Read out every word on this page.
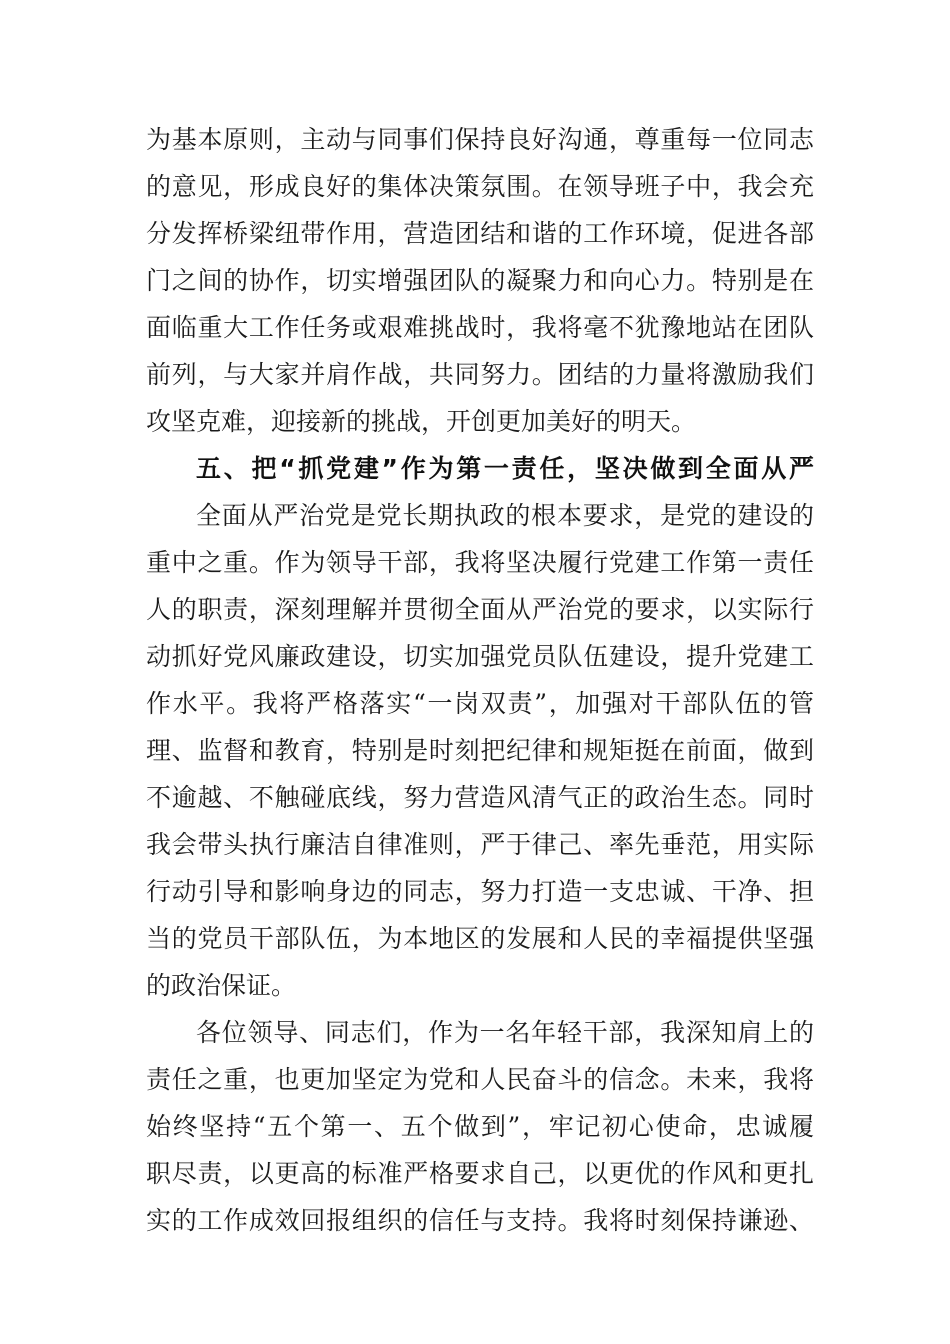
为基本原则，主动与同事们保持良好沟通，尊重每一位同志
的意见，形成良好的集体决策氛围。在领导班子中，我会充
分发挥桥梁纽带作用，营造团结和谐的工作环境，促进各部
门之间的协作，切实增强团队的凝聚力和向心力。特别是在
面临重大工作任务或艰难挑战时，我将毫不犹豫地站在团队
前列，与大家并肩作战，共同努力。团结的力量将激励我们
攻坚克难，迎接新的挑战，开创更加美好的明天。
五、把“抓党建”作为第一责任，坚决做到全面从严
全面从严治党是党长期执政的根本要求，是党的建设的
重中之重。作为领导干部，我将坚决履行党建工作第一责任
人的职责，深刻理解并贯彻全面从严治党的要求，以实际行
动抓好党风廉政建设，切实加强党员队伍建设，提升党建工
作水平。我将严格落实“一岗双责”，加强对干部队伍的管
理、监督和教育，特别是时刻把纪律和规矩挺在前面，做到
不逾越、不触碰底线，努力营造风清气正的政治生态。同时
我会带头执行廉洁自律准则，严于律己、率先垂范，用实际
行动引导和影响身边的同志，努力打造一支忠诚、干净、担
当的党员干部队伍，为本地区的发展和人民的幸福提供坚强
的政治保证。
各位领导、同志们，作为一名年轻干部，我深知肩上的
责任之重，也更加坚定为党和人民奋斗的信念。未来，我将
始终坚持“五个第一、五个做到”，牢记初心使命，忠诚履
职尽责，以更高的标准严格要求自己，以更优的作风和更扎
实的工作成效回报组织的信任与支持。我将时刻保持谦逊、
